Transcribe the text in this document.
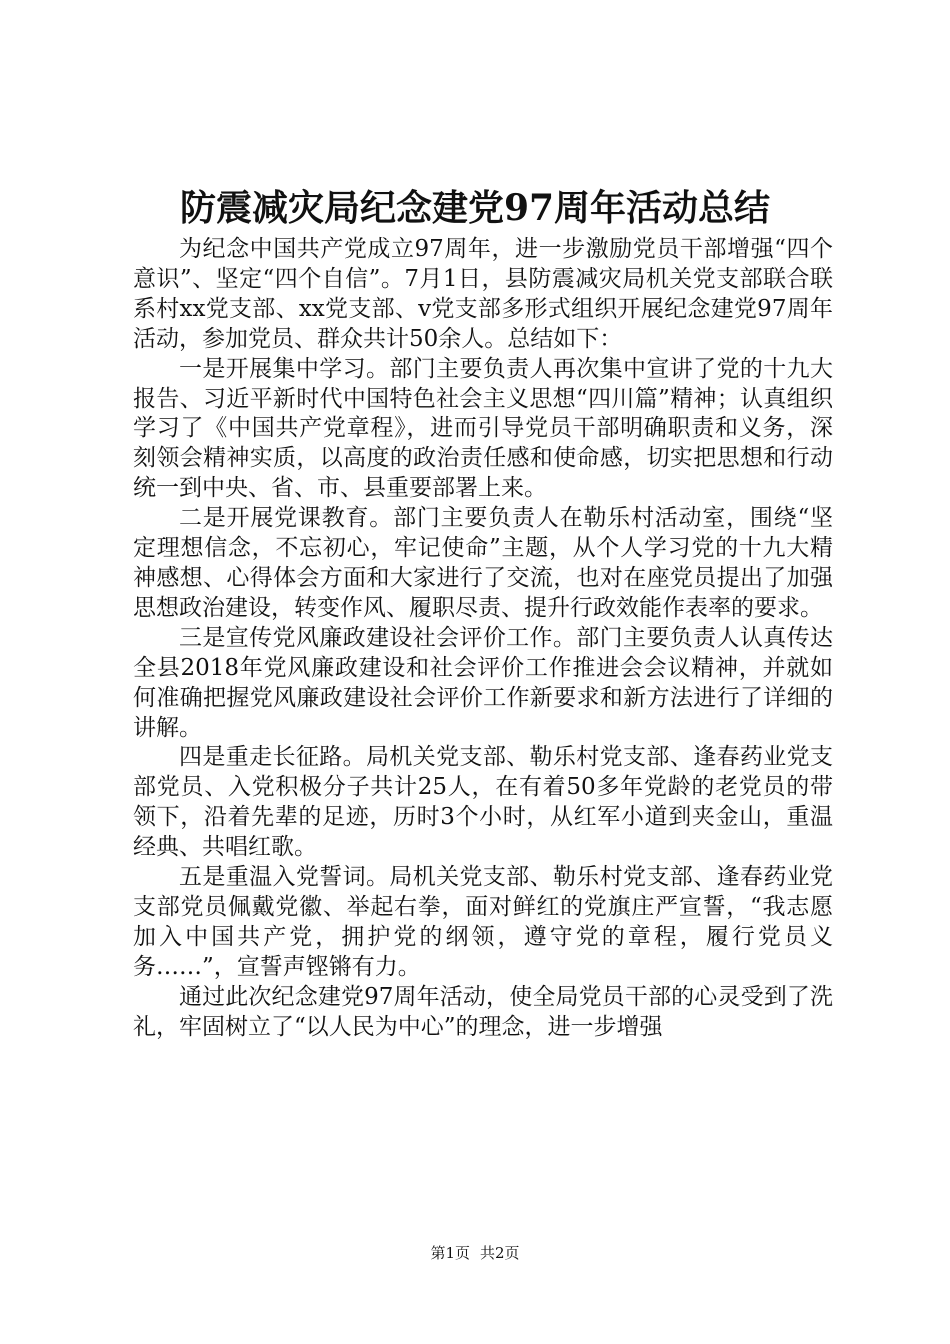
防震减灾局纪念建党97周年活动总结

为纪念中国共产党成立97周年，进一步激励党员干部增强“四个意识”、坚定“四个自信”。7月1日，县防震减灾局机关党支部联合联系村xx党支部、xx党支部、v党支部多形式组织开展纪念建党97周年活动，参加党员、群众共计50余人。总结如下：

一是开展集中学习。部门主要负责人再次集中宣讲了党的十九大报告、习近平新时代中国特色社会主义思想“四川篇”精神；认真组织学习了《中国共产党章程》，进而引导党员干部明确职责和义务，深刻领会精神实质，以高度的政治责任感和使命感，切实把思想和行动统一到中央、省、市、县重要部署上来。

二是开展党课教育。部门主要负责人在勒乐村活动室，围绕“坚定理想信念，不忘初心，牢记使命”主题，从个人学习党的十九大精神感想、心得体会方面和大家进行了交流，也对在座党员提出了加强思想政治建设，转变作风、履职尽责、提升行政效能作表率的要求。

三是宣传党风廉政建设社会评价工作。部门主要负责人认真传达全县2018年党风廉政建设和社会评价工作推进会会议精神，并就如何准确把握党风廉政建设社会评价工作新要求和新方法进行了详细的讲解。

四是重走长征路。局机关党支部、勒乐村党支部、逢春药业党支部党员、入党积极分子共计25人，在有着50多年党龄的老党员的带领下，沿着先辈的足迹，历时3个小时，从红军小道到夹金山，重温经典、共唱红歌。

五是重温入党誓词。局机关党支部、勒乐村党支部、逢春药业党支部党员佩戴党徽、举起右拳，面对鲜红的党旗庄严宣誓，“我志愿加入中国共产党，拥护党的纲领，遵守党的章程，履行党员义务……”，宣誓声铿锵有力。

通过此次纪念建党97周年活动，使全局党员干部的心灵受到了洗礼，牢固树立了“以人民为中心”的理念，进一步增强

第1页 共2页
